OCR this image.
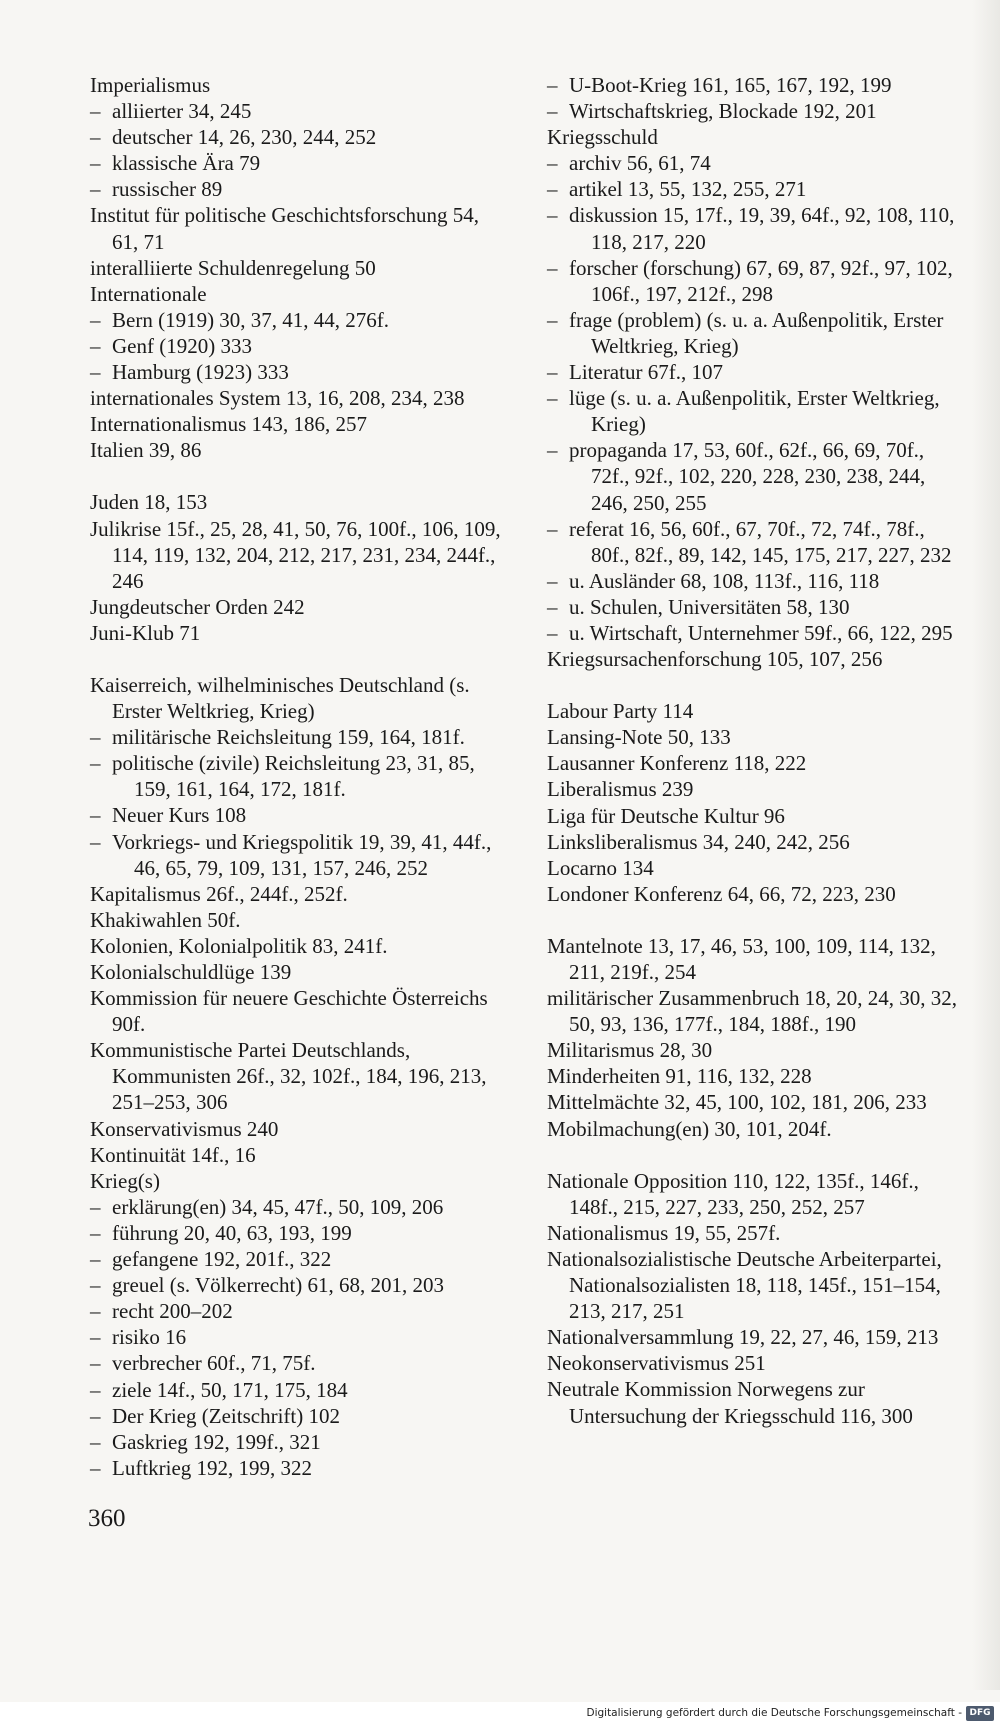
Imperialismus
– alliierter 34, 245
– deutscher 14, 26, 230, 244, 252
– klassische Ära 79
– russischer 89
Institut für politische Geschichtsforschung 54, 61, 71
interalliierte Schuldenregelung 50
Internationale
– Bern (1919) 30, 37, 41, 44, 276f.
– Genf (1920) 333
– Hamburg (1923) 333
internationales System 13, 16, 208, 234, 238
Internationalismus 143, 186, 257
Italien 39, 86
Juden 18, 153
Julikrise 15f., 25, 28, 41, 50, 76, 100f., 106, 109, 114, 119, 132, 204, 212, 217, 231, 234, 244f., 246
Jungdeutscher Orden 242
Juni-Klub 71
Kaiserreich, wilhelminisches Deutschland (s. Erster Weltkrieg, Krieg)
– militärische Reichsleitung 159, 164, 181f.
– politische (zivile) Reichsleitung 23, 31, 85, 159, 161, 164, 172, 181f.
– Neuer Kurs 108
– Vorkriegs- und Kriegspolitik 19, 39, 41, 44f., 46, 65, 79, 109, 131, 157, 246, 252
Kapitalismus 26f., 244f., 252f.
Khakiwahlen 50f.
Kolonien, Kolonialpolitik 83, 241f.
Kolonialschuldlüge 139
Kommission für neuere Geschichte Österreichs 90f.
Kommunistische Partei Deutschlands, Kommunisten 26f., 32, 102f., 184, 196, 213, 251–253, 306
Konservativismus 240
Kontinuität 14f., 16
Krieg(s)
– erklärung(en) 34, 45, 47f., 50, 109, 206
– führung 20, 40, 63, 193, 199
– gefangene 192, 201f., 322
– greuel (s. Völkerrecht) 61, 68, 201, 203
– recht 200–202
– risiko 16
– verbrecher 60f., 71, 75f.
– ziele 14f., 50, 171, 175, 184
– Der Krieg (Zeitschrift) 102
– Gaskrieg 192, 199f., 321
– Luftkrieg 192, 199, 322
– U-Boot-Krieg 161, 165, 167, 192, 199
– Wirtschaftskrieg, Blockade 192, 201
Kriegsschuld
– archiv 56, 61, 74
– artikel 13, 55, 132, 255, 271
– diskussion 15, 17f., 19, 39, 64f., 92, 108, 110, 118, 217, 220
– forscher (forschung) 67, 69, 87, 92f., 97, 102, 106f., 197, 212f., 298
– frage (problem) (s. u. a. Außenpolitik, Erster Weltkrieg, Krieg)
– Literatur 67f., 107
– lüge (s. u. a. Außenpolitik, Erster Weltkrieg, Krieg)
– propaganda 17, 53, 60f., 62f., 66, 69, 70f., 72f., 92f., 102, 220, 228, 230, 238, 244, 246, 250, 255
– referat 16, 56, 60f., 67, 70f., 72, 74f., 78f., 80f., 82f., 89, 142, 145, 175, 217, 227, 232
– u. Ausländer 68, 108, 113f., 116, 118
– u. Schulen, Universitäten 58, 130
– u. Wirtschaft, Unternehmer 59f., 66, 122, 295
Kriegsursachenforschung 105, 107, 256
Labour Party 114
Lansing-Note 50, 133
Lausanner Konferenz 118, 222
Liberalismus 239
Liga für Deutsche Kultur 96
Linksliberalismus 34, 240, 242, 256
Locarno 134
Londoner Konferenz 64, 66, 72, 223, 230
Mantelnote 13, 17, 46, 53, 100, 109, 114, 132, 211, 219f., 254
militärischer Zusammenbruch 18, 20, 24, 30, 32, 50, 93, 136, 177f., 184, 188f., 190
Militarismus 28, 30
Minderheiten 91, 116, 132, 228
Mittelmächte 32, 45, 100, 102, 181, 206, 233
Mobilmachung(en) 30, 101, 204f.
Nationale Opposition 110, 122, 135f., 146f., 148f., 215, 227, 233, 250, 252, 257
Nationalismus 19, 55, 257f.
Nationalsozialistische Deutsche Arbeiterpartei, Nationalsozialisten 18, 118, 145f., 151–154, 213, 217, 251
Nationalversammlung 19, 22, 27, 46, 159, 213
Neokonservativismus 251
Neutrale Kommission Norwegens zur Untersuchung der Kriegsschuld 116, 300
360
Digitalisierung gefördert durch die Deutsche Forschungsgemeinschaft - DFG
